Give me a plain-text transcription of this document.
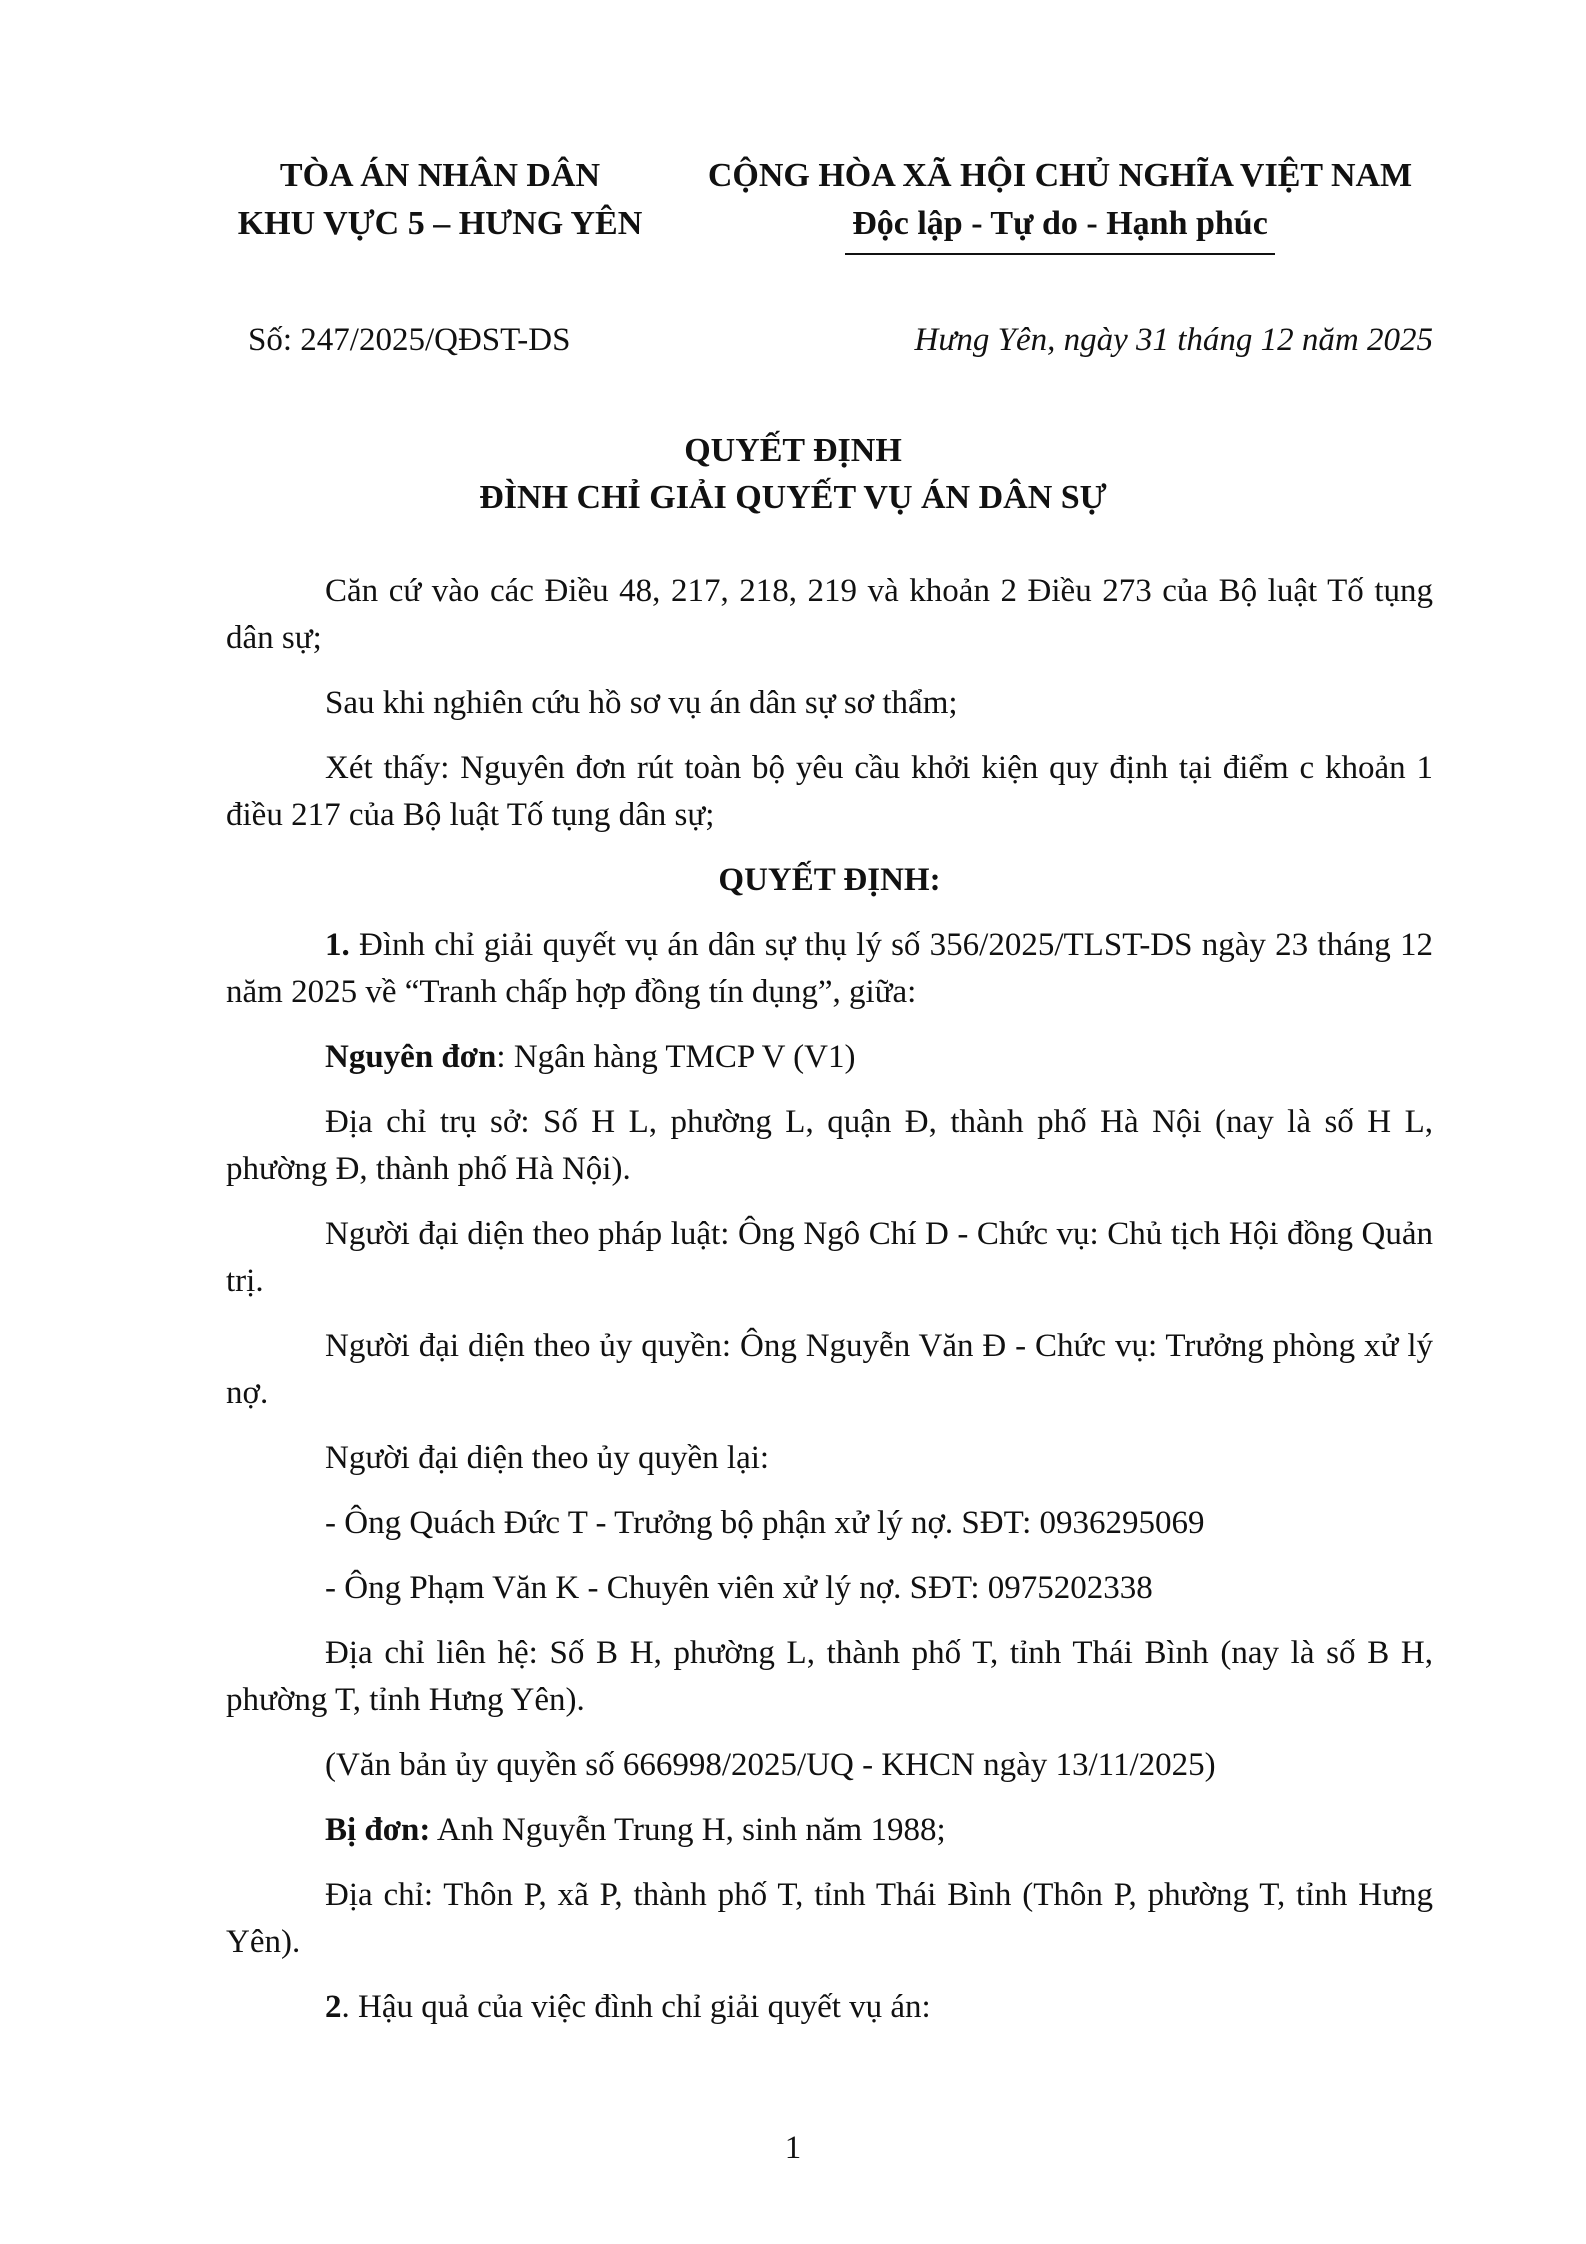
TÒA ÁN NHÂN DÂN
KHU VỰC 5 – HƯNG YÊN
CỘNG HÒA XÃ HỘI CHỦ NGHĨA VIỆT NAM
Độc lập - Tự do - Hạnh phúc
Số: 247/2025/QĐST-DS	Hưng Yên, ngày 31 tháng 12 năm 2025
QUYẾT ĐỊNH
ĐÌNH CHỈ GIẢI QUYẾT VỤ ÁN DÂN SỰ

Căn cứ vào các Điều 48, 217, 218, 219 và khoản 2 Điều 273 của Bộ luật Tố tụng dân sự;

Sau khi nghiên cứu hồ sơ vụ án dân sự sơ thẩm;

Xét thấy: Nguyên đơn rút toàn bộ yêu cầu khởi kiện quy định tại điểm c khoản 1 điều 217 của Bộ luật Tố tụng dân sự;

QUYẾT ĐỊNH:

1. Đình chỉ giải quyết vụ án dân sự thụ lý số 356/2025/TLST-DS ngày 23 tháng 12 năm 2025 về “Tranh chấp hợp đồng tín dụng”, giữa:

Nguyên đơn: Ngân hàng TMCP V (V1)

Địa chỉ trụ sở: Số H L, phường L, quận Đ, thành phố Hà Nội (nay là số H L, phường Đ, thành phố Hà Nội).

Người đại diện theo pháp luật: Ông Ngô Chí D - Chức vụ: Chủ tịch Hội đồng Quản trị.

Người đại diện theo ủy quyền: Ông Nguyễn Văn Đ - Chức vụ: Trưởng phòng xử lý nợ.

Người đại diện theo ủy quyền lại:

- Ông Quách Đức T - Trưởng bộ phận xử lý nợ. SĐT: 0936295069

- Ông Phạm Văn K - Chuyên viên xử lý nợ. SĐT: 0975202338

Địa chỉ liên hệ: Số B H, phường L, thành phố T, tỉnh Thái Bình (nay là số B H, phường T, tỉnh Hưng Yên).

(Văn bản ủy quyền số 666998/2025/UQ - KHCN ngày 13/11/2025)

Bị đơn: Anh Nguyễn Trung H, sinh năm 1988;

Địa chỉ: Thôn P, xã P, thành phố T, tỉnh Thái Bình (Thôn P, phường T, tỉnh Hưng Yên).

2. Hậu quả của việc đình chỉ giải quyết vụ án:

1
